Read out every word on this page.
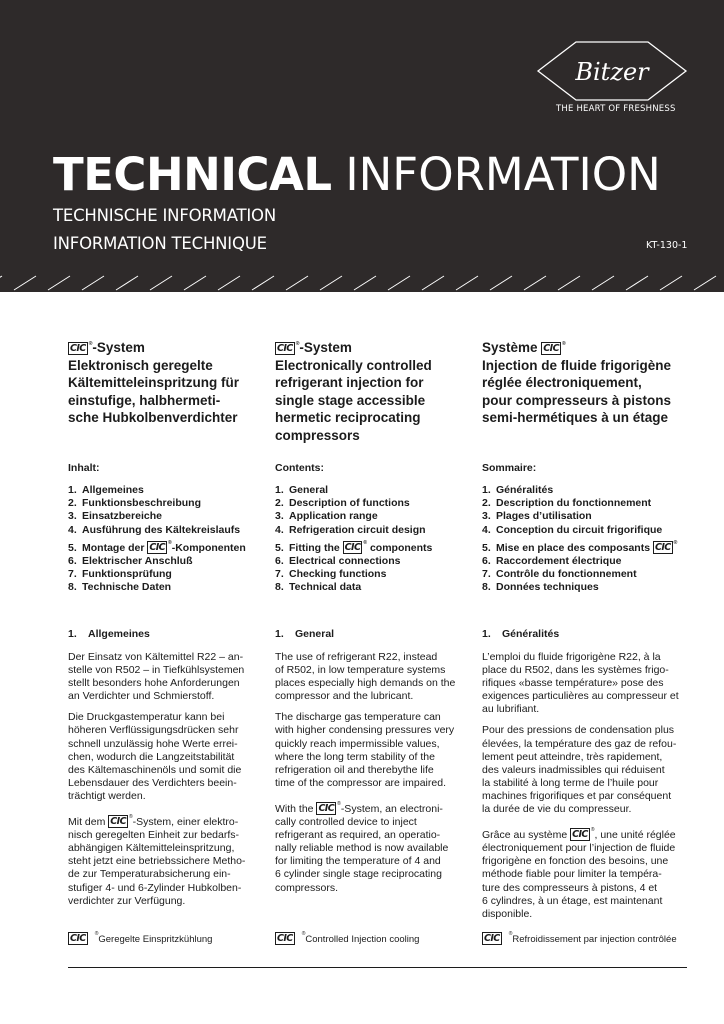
Bitzer
THE HEART OF FRESHNESS
TECHNICAL INFORMATION
TECHNISCHE INFORMATION
INFORMATION TECHNIQUE	KT-130-1
CIC ®-System
Elektronisch geregelte
Kältemitteleinspritzung für
einstufige, halbhermeti-
sche Hubkolbenverdichter
Inhalt:
1. Allgemeines
2. Funktionsbeschreibung
3. Einsatzbereiche
4. Ausführung des Kältekreislaufs
5. Montage der CIC ®-Komponenten
6. Elektrischer Anschluß
7. Funktionsprüfung
8. Technische Daten
1. Allgemeines
Der Einsatz von Kältemittel R22 – an-
stelle von R502 – in Tiefkühlsystemen
stellt besonders hohe Anforderungen
an Verdichter und Schmierstoff.
Die Druckgastemperatur kann bei
höheren Verflüssigungsdrücken sehr
schnell unzulässig hohe Werte errei-
chen, wodurch die Langzeitstabilität
des Kältemaschinenöls und somit die
Lebensdauer des Verdichters beein-
trächtigt werden.
Mit dem CIC ®-System, einer elektro-
nisch geregelten Einheit zur bedarfs-
abhängigen Kältemitteleinspritzung,
steht jetzt eine betriebssichere Metho-
de zur Temperaturabsicherung ein-
stufiger 4- und 6-Zylinder Hubkolben-
verdichter zur Verfügung.
CIC ®Geregelte Einspritzkühlung
CIC ®-System
Electronically controlled
refrigerant injection for
single stage accessible
hermetic reciprocating
compressors
Contents:
1. General
2. Description of functions
3. Application range
4. Refrigeration circuit design
5. Fitting the CIC ® components
6. Electrical connections
7. Checking functions
8. Technical data
1. General
The use of refrigerant R22, instead
of R502, in low temperature systems
places especially high demands on the
compressor and the lubricant.
The discharge gas temperature can
with higher condensing pressures very
quickly reach impermissible values,
where the long term stability of the
refrigeration oil and therebythe life
time of the compressor are impaired.
With the CIC ®-System, an electroni-
cally controlled device to inject
refrigerant as required, an operatio-
nally reliable method is now available
for limiting the temperature of 4 and
6 cylinder single stage reciprocating
compressors.
CIC ®Controlled Injection cooling
Système CIC ®
Injection de fluide frigorigène
réglée électroniquement,
pour compresseurs à pistons
semi-hermétiques à un étage
Sommaire:
1. Généralités
2. Description du fonctionnement
3. Plages d’utilisation
4. Conception du circuit frigorifique
5. Mise en place des composants CIC ®
6. Raccordement électrique
7. Contrôle du fonctionnement
8. Données techniques
1. Généralités
L’emploi du fluide frigorigène R22, à la
place du R502, dans les systèmes frigo-
rifiques «basse température» pose des
exigences particulières au compresseur et
au lubrifiant.
Pour des pressions de condensation plus
élevées, la température des gaz de refou-
lement peut atteindre, très rapidement,
des valeurs inadmissibles qui réduisent
la stabilité à long terme de l’huile pour
machines frigorifiques et par conséquent
la durée de vie du compresseur.
Grâce au système CIC ®, une unité réglée
électroniquement pour l’injection de fluide
frigorigène en fonction des besoins, une
méthode fiable pour limiter la tempéra-
ture des compresseurs à pistons, 4 et
6 cylindres, à un étage, est maintenant
disponible.
CIC ®Refroidissement par injection contrôlée
